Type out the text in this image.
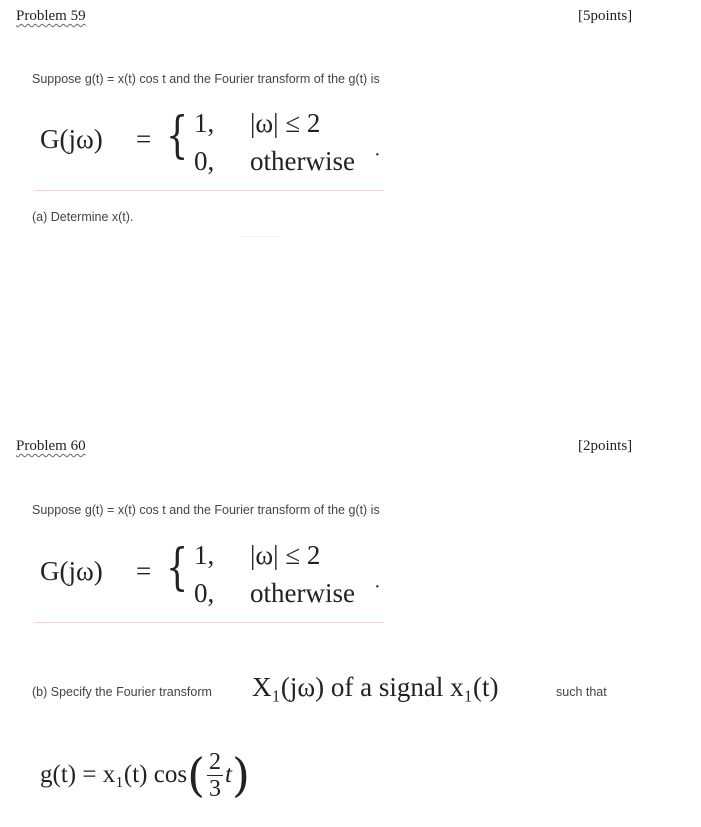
Problem 59	[5points]
Suppose g(t) = x(t) cos t and the Fourier transform of the g(t) is
G(jω) = { 1, |ω| ≤ 2
0, otherwise ·
(a) Determine x(t).
Problem 60	[2points]
Suppose g(t) = x(t) cos t and the Fourier transform of the g(t) is
G(jω) = { 1, |ω| ≤ 2
0, otherwise ·
(b) Specify the Fourier transform X₁(jω) of a signal x₁(t)	such that
g(t) = x₁(t) cos ( $\frac{2}{3}$ t )
